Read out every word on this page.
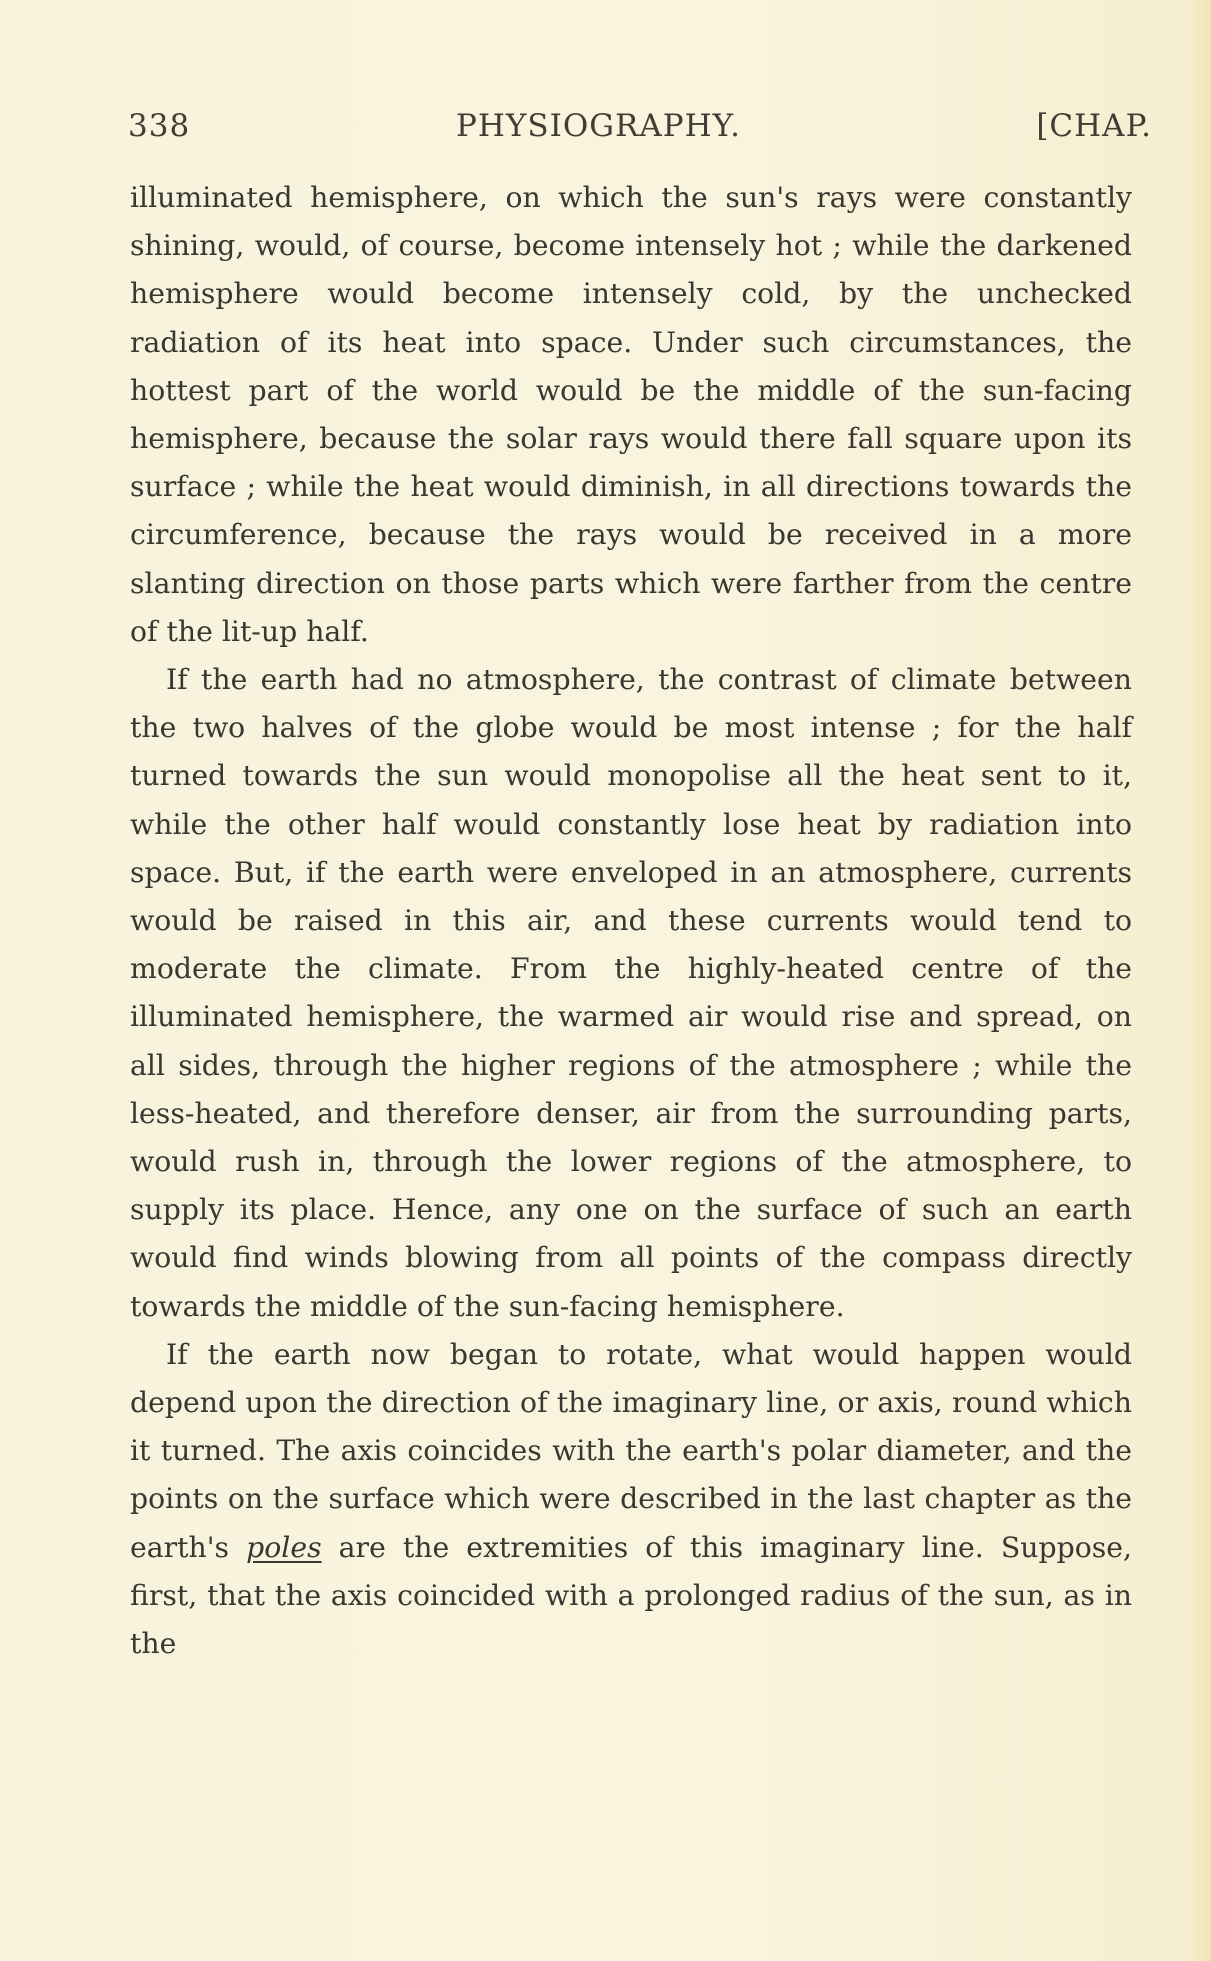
338	PHYSIOGRAPHY.	[CHAP.

illuminated hemisphere, on which the sun's rays were constantly shining, would, of course, become intensely hot ; while the darkened hemisphere would become intensely cold, by the unchecked radiation of its heat into space. Under such circumstances, the hottest part of the world would be the middle of the sun-facing hemisphere, because the solar rays would there fall square upon its surface ; while the heat would diminish, in all directions towards the circumference, because the rays would be received in a more slanting direction on those parts which were farther from the centre of the lit-up half.

If the earth had no atmosphere, the contrast of climate between the two halves of the globe would be most intense ; for the half turned towards the sun would monopolise all the heat sent to it, while the other half would constantly lose heat by radiation into space. But, if the earth were enveloped in an atmosphere, currents would be raised in this air, and these currents would tend to moderate the climate. From the highly-heated centre of the illuminated hemisphere, the warmed air would rise and spread, on all sides, through the higher regions of the atmosphere ; while the less-heated, and therefore denser, air from the surrounding parts, would rush in, through the lower regions of the atmosphere, to supply its place. Hence, any one on the surface of such an earth would find winds blowing from all points of the compass directly towards the middle of the sun-facing hemisphere.

If the earth now began to rotate, what would happen would depend upon the direction of the imaginary line, or axis, round which it turned. The axis coincides with the earth's polar diameter, and the points on the surface which were described in the last chapter as the earth's poles are the extremities of this imaginary line. Suppose, first, that the axis coincided with a prolonged radius of the sun, as in the
